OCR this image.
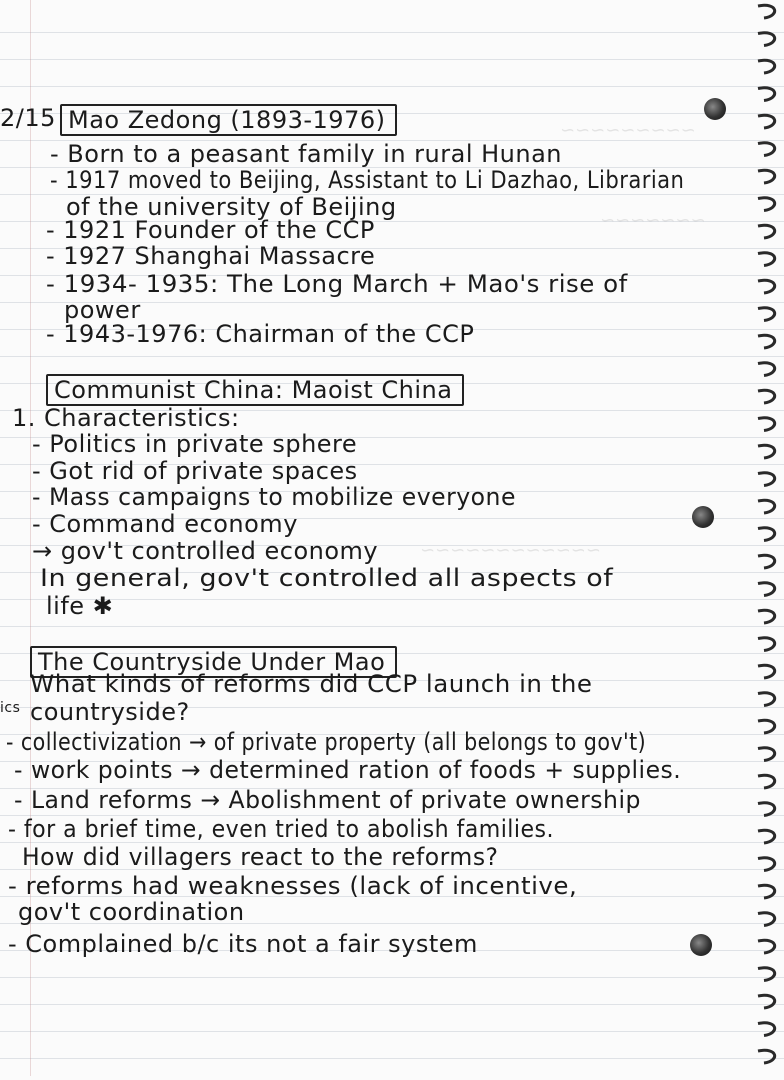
~~~~~~~~~
~~~~~~~
~~~~~~~~~~~~
2/15 Mao Zedong (1893-1976)
- Born to a peasant family in rural Hunan
- 1917 moved to Beijing, Assistant to Li Dazhao, Librarian
of the university of Beijing
- 1921 Founder of the CCP
- 1927 Shanghai Massacre
- 1934- 1935: The Long March + Mao's rise of
power
- 1943-1976: Chairman of the CCP
Communist China: Maoist China
1. Characteristics:
- Politics in private sphere
- Got rid of private spaces
- Mass campaigns to mobilize everyone
- Command economy
→ gov't controlled economy
In general, gov't controlled all aspects of
life ✱
The Countryside Under Mao
ics
What kinds of reforms did CCP launch in the
countryside?
- collectivization → of private property (all belongs to gov't)
- work points → determined ration of foods + supplies.
- Land reforms → Abolishment of private ownership
- for a brief time, even tried to abolish families.
How did villagers react to the reforms?
- reforms had weaknesses (lack of incentive,
gov't coordination
- Complained b/c its not a fair system
